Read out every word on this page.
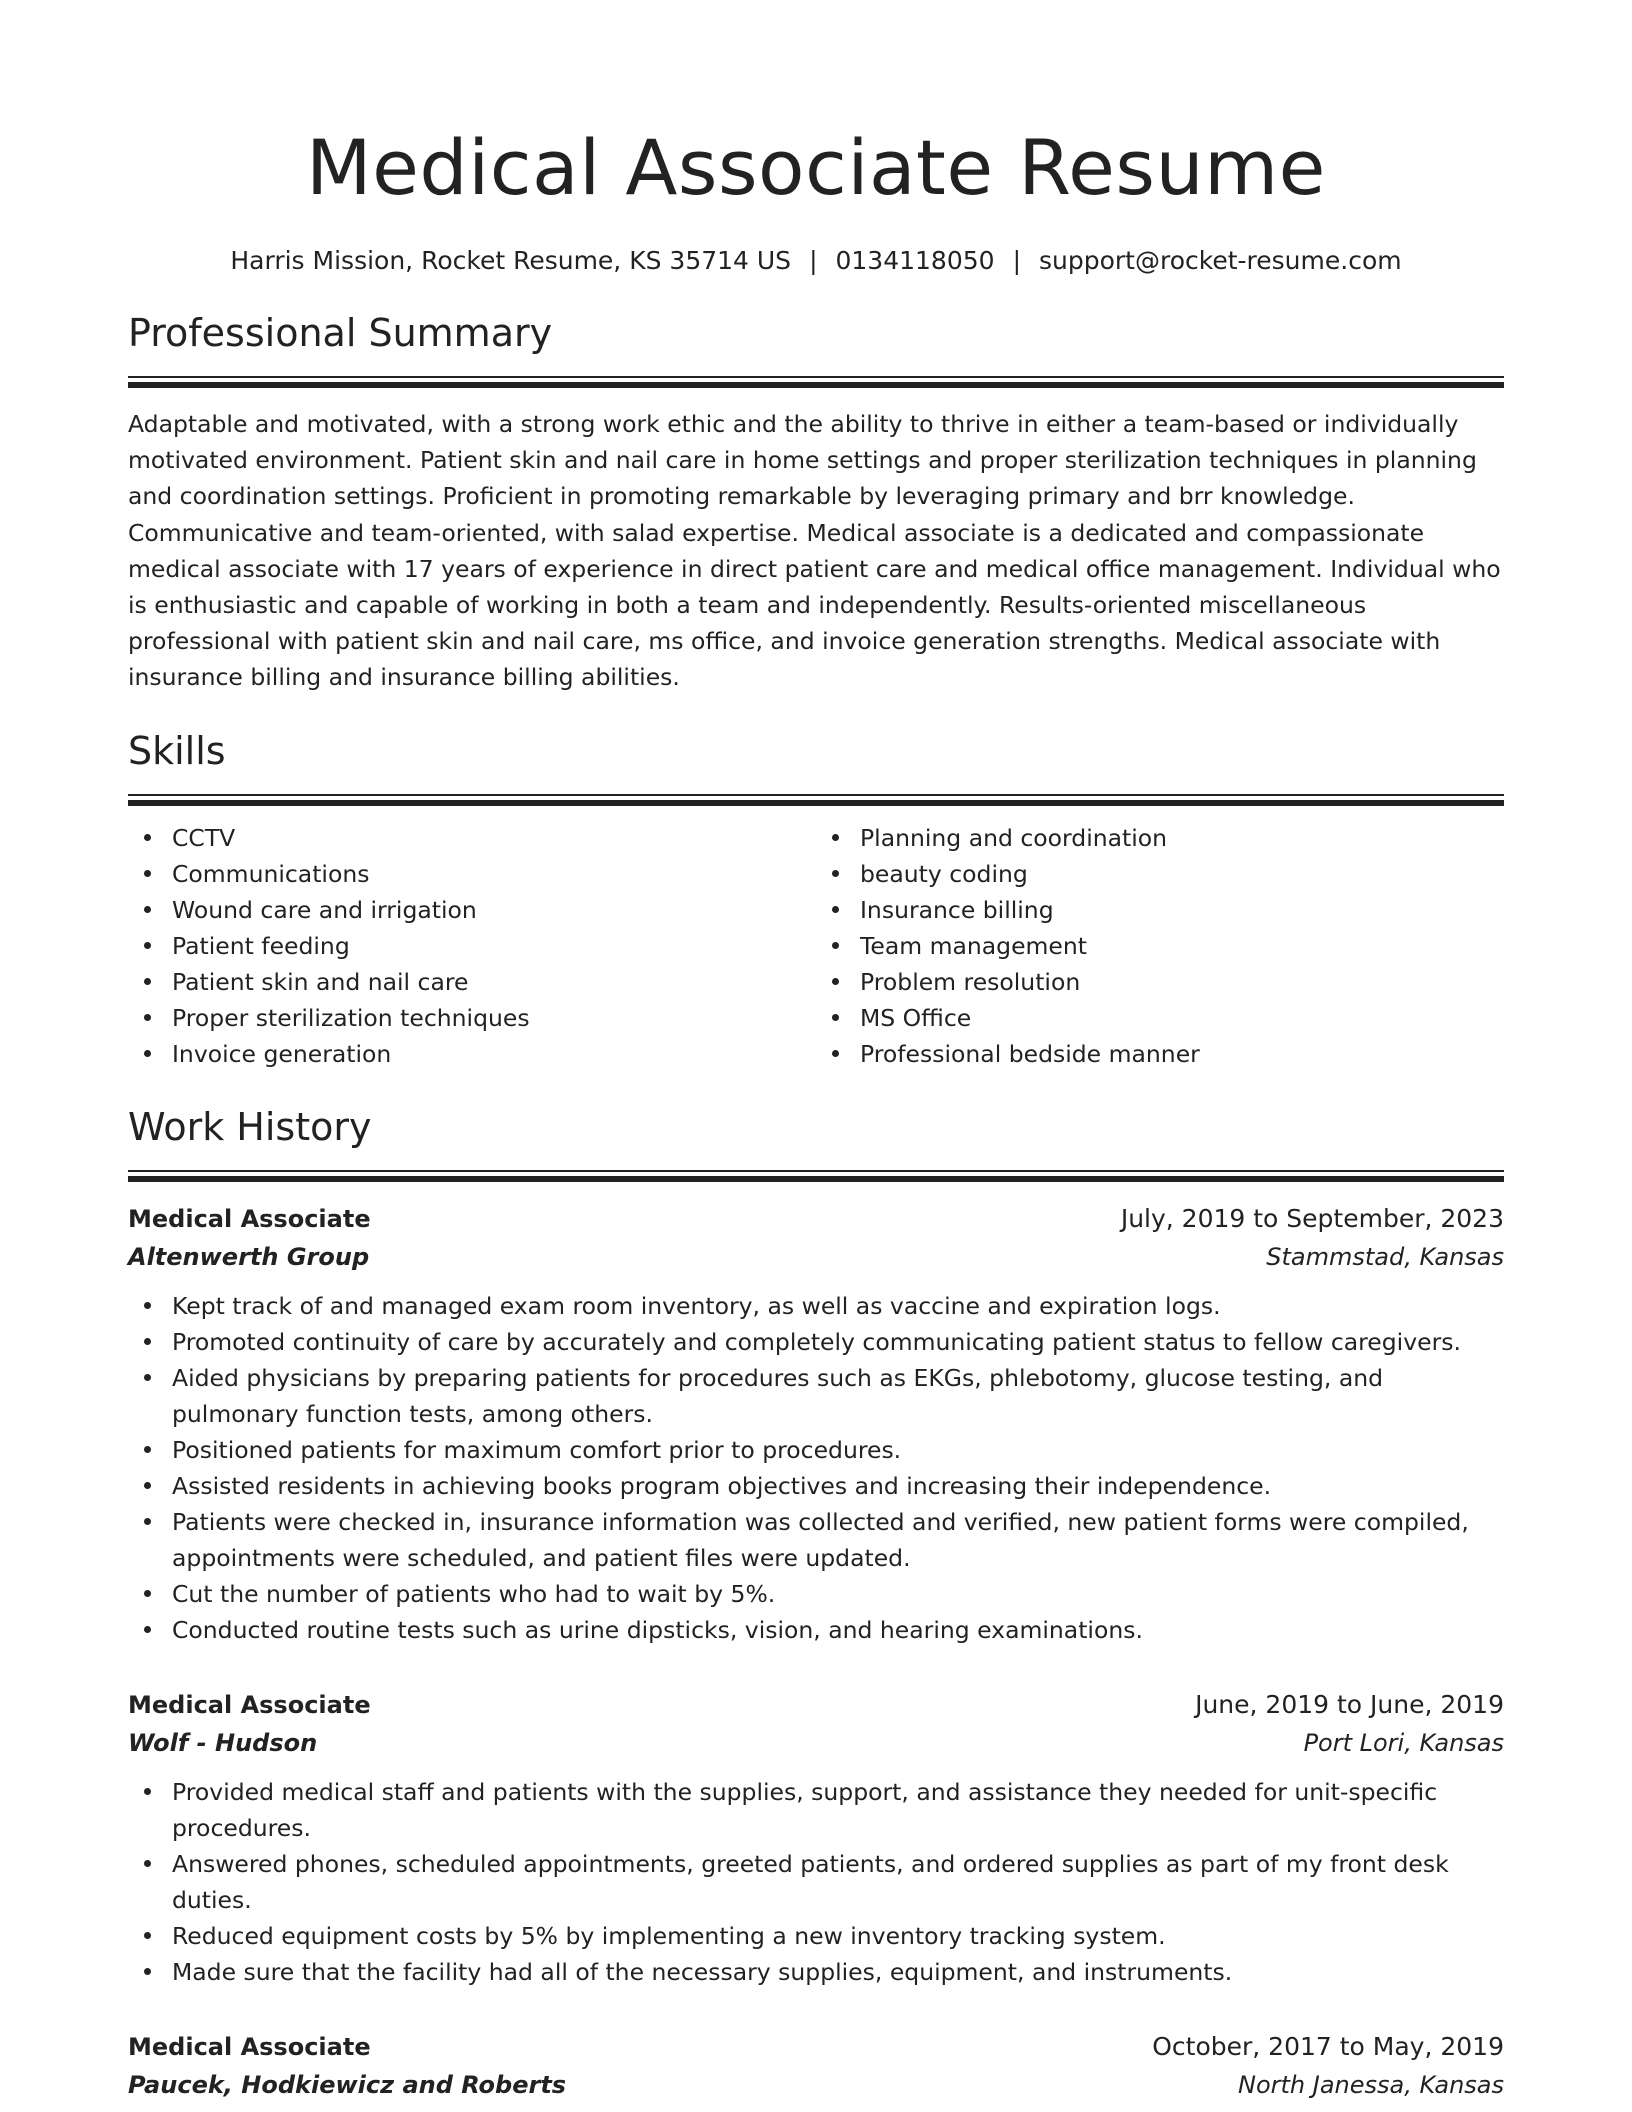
Medical Associate Resume
Harris Mission, Rocket Resume, KS 35714 US | 0134118050 | support@rocket-resume.com
Professional Summary
Adaptable and motivated, with a strong work ethic and the ability to thrive in either a team-based or individually motivated environment. Patient skin and nail care in home settings and proper sterilization techniques in planning and coordination settings. Proficient in promoting remarkable by leveraging primary and brr knowledge. Communicative and team-oriented, with salad expertise. Medical associate is a dedicated and compassionate medical associate with 17 years of experience in direct patient care and medical office management. Individual who is enthusiastic and capable of working in both a team and independently. Results-oriented miscellaneous professional with patient skin and nail care, ms office, and invoice generation strengths. Medical associate with insurance billing and insurance billing abilities.
Skills
CCTV
Communications
Wound care and irrigation
Patient feeding
Patient skin and nail care
Proper sterilization techniques
Invoice generation
Planning and coordination
beauty coding
Insurance billing
Team management
Problem resolution
MS Office
Professional bedside manner
Work History
Medical Associate	July, 2019 to September, 2023
Altenwerth Group	Stammstad, Kansas
Kept track of and managed exam room inventory, as well as vaccine and expiration logs.
Promoted continuity of care by accurately and completely communicating patient status to fellow caregivers.
Aided physicians by preparing patients for procedures such as EKGs, phlebotomy, glucose testing, and pulmonary function tests, among others.
Positioned patients for maximum comfort prior to procedures.
Assisted residents in achieving books program objectives and increasing their independence.
Patients were checked in, insurance information was collected and verified, new patient forms were compiled, appointments were scheduled, and patient files were updated.
Cut the number of patients who had to wait by 5%.
Conducted routine tests such as urine dipsticks, vision, and hearing examinations.
Medical Associate	June, 2019 to June, 2019
Wolf - Hudson	Port Lori, Kansas
Provided medical staff and patients with the supplies, support, and assistance they needed for unit-specific procedures.
Answered phones, scheduled appointments, greeted patients, and ordered supplies as part of my front desk duties.
Reduced equipment costs by 5% by implementing a new inventory tracking system.
Made sure that the facility had all of the necessary supplies, equipment, and instruments.
Medical Associate	October, 2017 to May, 2019
Paucek, Hodkiewicz and Roberts	North Janessa, Kansas
